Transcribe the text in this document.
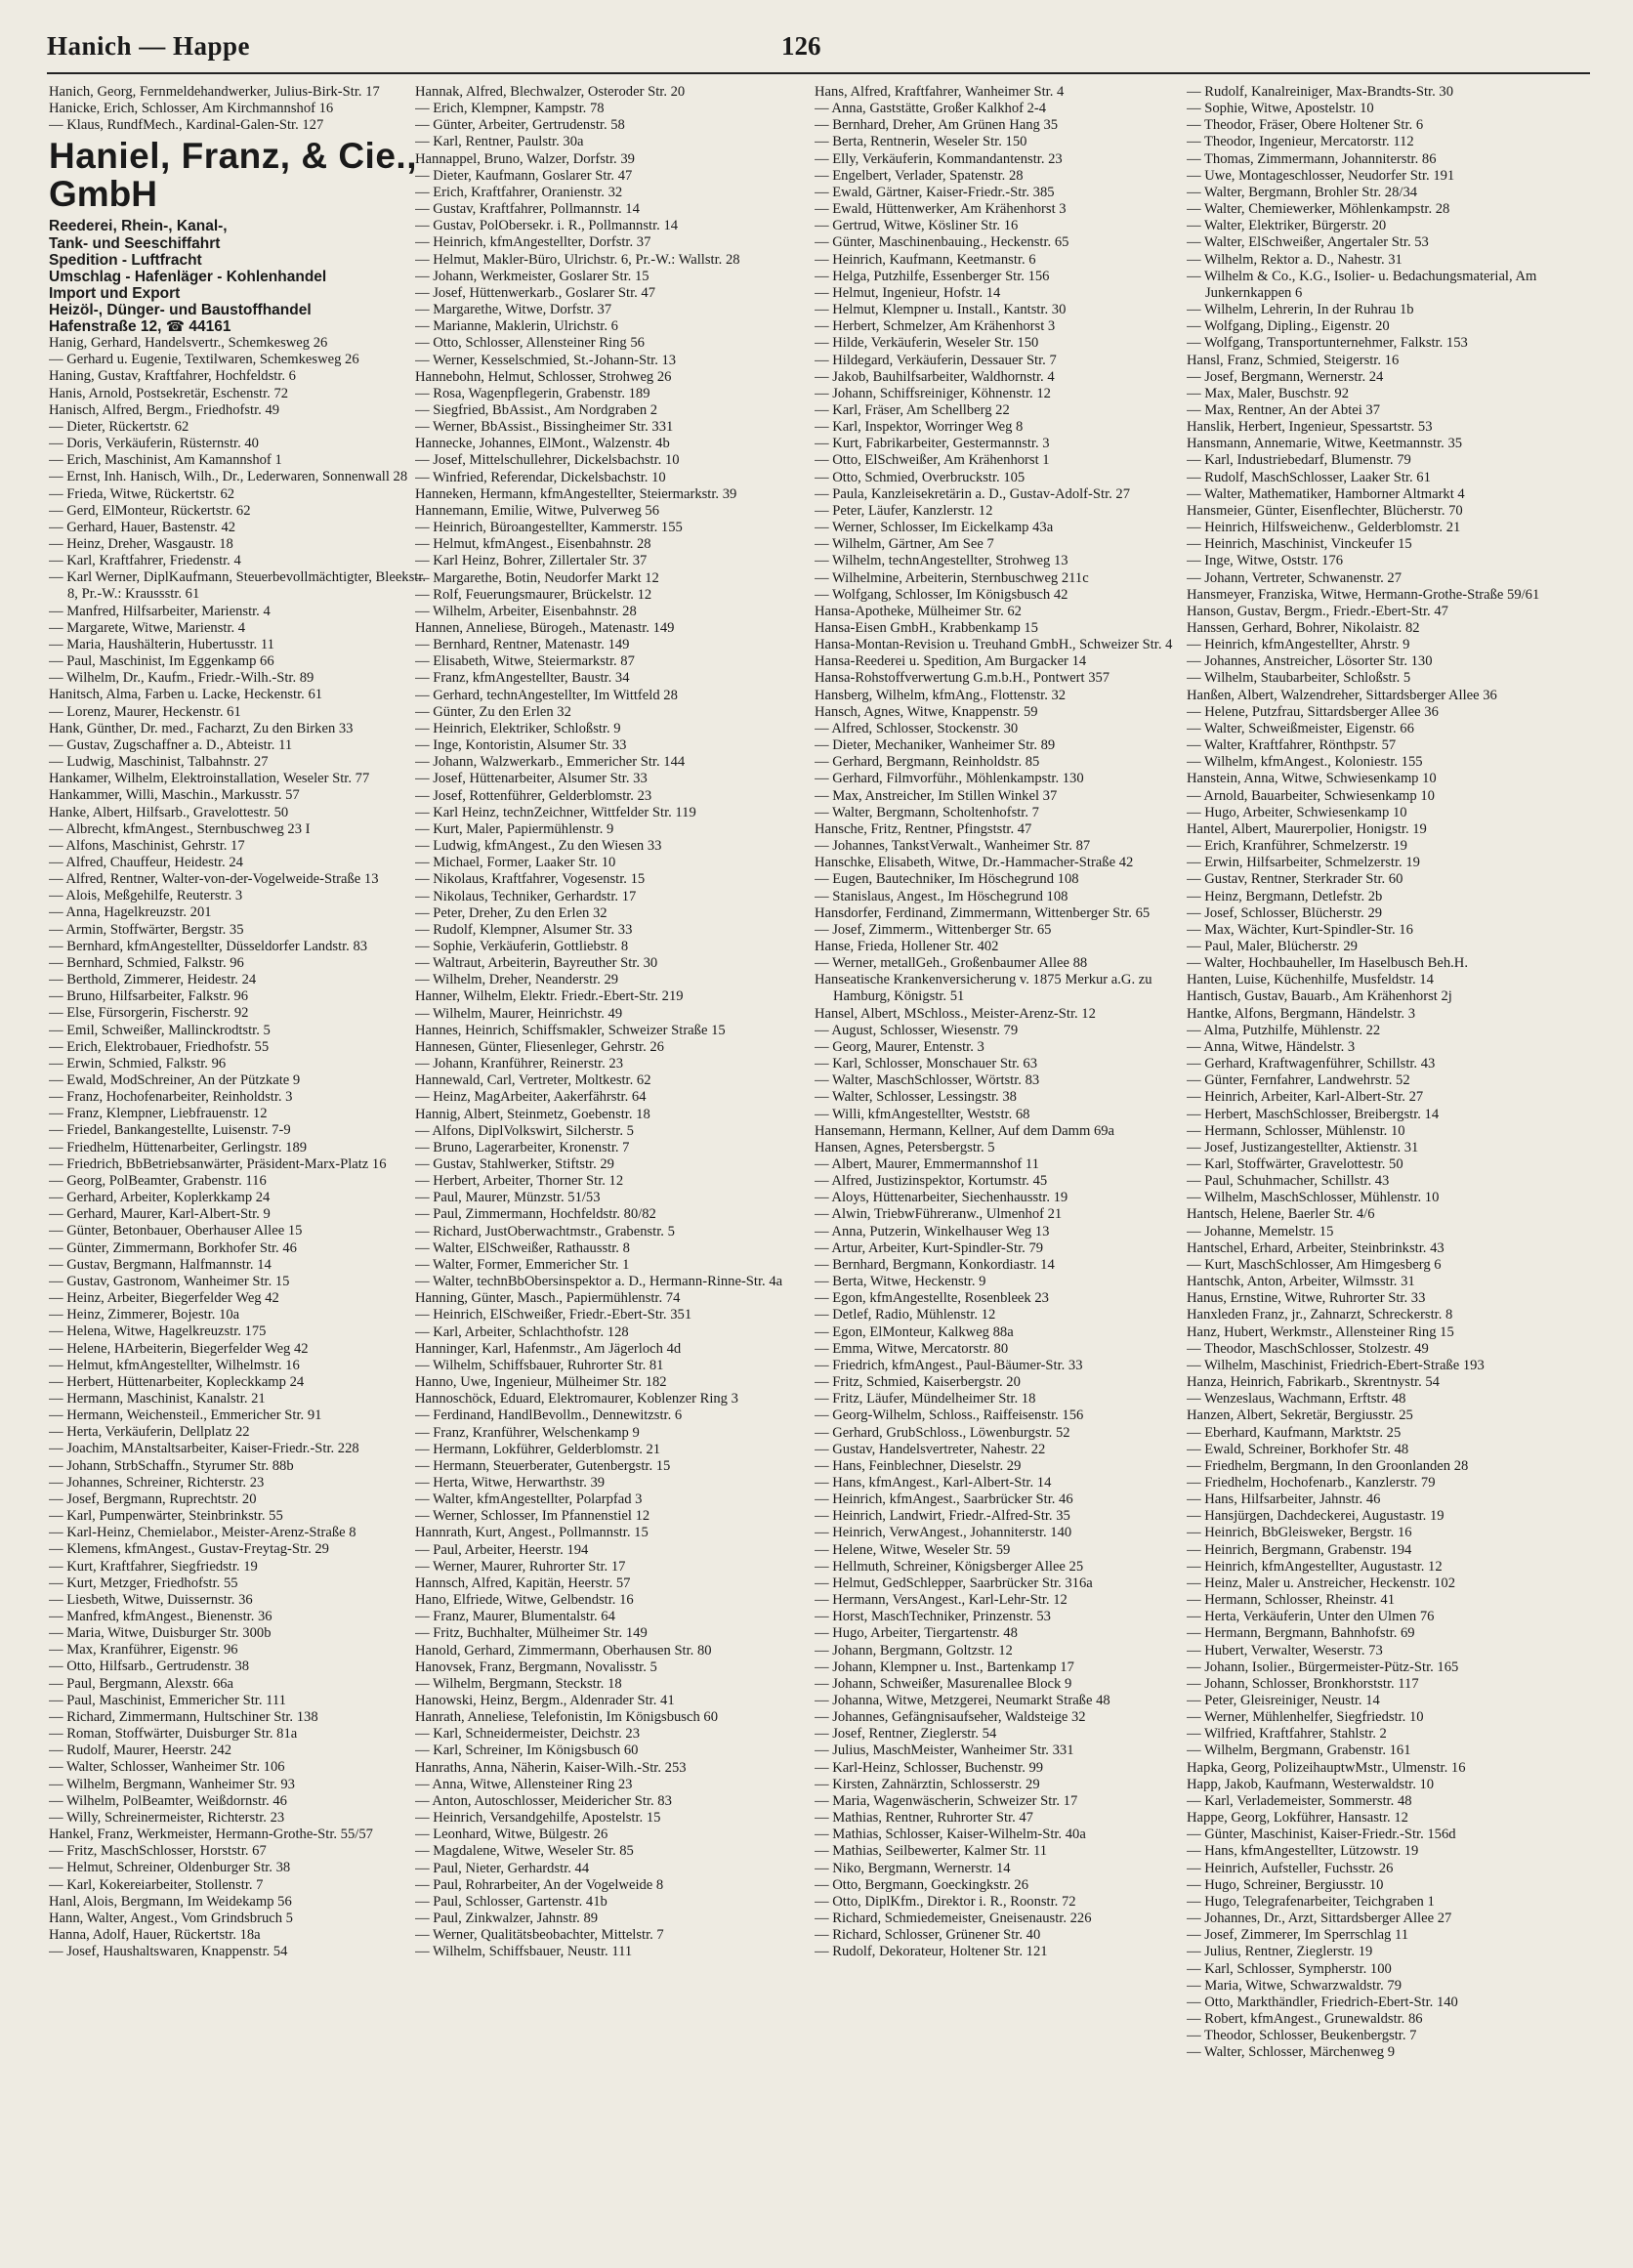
Hanich — Happe	126

Hanich, Georg, Fernmeldehandwerker, Julius-Birk-Str. 17

Hanicke, Erich, Schlosser, Am Kirchmannshof 16

— Klaus, RundfMech., Kardinal-Galen-Str. 127

Haniel, Franz, & Cie.,
GmbH
Reederei, Rhein-, Kanal-,
Tank- und Seeschiffahrt
Spedition - Luftfracht
Umschlag - Hafenläger - Kohlenhandel
Import und Export
Heizöl-, Dünger- und Baustoffhandel
Hafenstraße 12, ☎ 44161

Hanig, Gerhard, Handelsvertr., Schemkesweg 26

— Gerhard u. Eugenie, Textilwaren, Schemkesweg 26

Haning, Gustav, Kraftfahrer, Hochfeldstr. 6

Hanis, Arnold, Postsekretär, Eschenstr. 72

Hanisch, Alfred, Bergm., Friedhofstr. 49

— Dieter, Rückertstr. 62

— Doris, Verkäuferin, Rüsternstr. 40

— Erich, Maschinist, Am Kamannshof 1

— Ernst, Inh. Hanisch, Wilh., Dr., Lederwaren, Sonnenwall 28

— Frieda, Witwe, Rückertstr. 62

— Gerd, ElMonteur, Rückertstr. 62

— Gerhard, Hauer, Bastenstr. 42

— Heinz, Dreher, Wasgaustr. 18

— Karl, Kraftfahrer, Friedenstr. 4

— Karl Werner, DiplKaufmann, Steuerbevollmächtigter, Bleekstr. 8, Pr.-W.: Kraussstr. 61

— Manfred, Hilfsarbeiter, Marienstr. 4

— Margarete, Witwe, Marienstr. 4

— Maria, Haushälterin, Hubertusstr. 11

— Paul, Maschinist, Im Eggenkamp 66

— Wilhelm, Dr., Kaufm., Friedr.-Wilh.-Str. 89

Hanitsch, Alma, Farben u. Lacke, Heckenstr. 61

— Lorenz, Maurer, Heckenstr. 61

Hank, Günther, Dr. med., Facharzt, Zu den Birken 33

— Gustav, Zugschaffner a. D., Abteistr. 11

— Ludwig, Maschinist, Talbahnstr. 27

Hankamer, Wilhelm, Elektroinstallation, Weseler Str. 77

Hankammer, Willi, Maschin., Markusstr. 57

Hanke, Albert, Hilfsarb., Gravelottestr. 50

— Albrecht, kfmAngest., Sternbuschweg 23 I

— Alfons, Maschinist, Gehrstr. 17

— Alfred, Chauffeur, Heidestr. 24

— Alfred, Rentner, Walter-von-der-Vogelweide-Straße 13

— Alois, Meßgehilfe, Reuterstr. 3

— Anna, Hagelkreuzstr. 201

— Armin, Stoffwärter, Bergstr. 35

— Bernhard, kfmAngestellter, Düsseldorfer Landstr. 83

— Bernhard, Schmied, Falkstr. 96

— Berthold, Zimmerer, Heidestr. 24

— Bruno, Hilfsarbeiter, Falkstr. 96

— Else, Fürsorgerin, Fischerstr. 92

— Emil, Schweißer, Mallinckrodtstr. 5

— Erich, Elektrobauer, Friedhofstr. 55

— Erwin, Schmied, Falkstr. 96

— Ewald, ModSchreiner, An der Pützkate 9

— Franz, Hochofenarbeiter, Reinholdstr. 3

— Franz, Klempner, Liebfrauenstr. 12

— Friedel, Bankangestellte, Luisenstr. 7-9

— Friedhelm, Hüttenarbeiter, Gerlingstr. 189

— Friedrich, BbBetriebsanwärter, Präsident-Marx-Platz 16

— Georg, PolBeamter, Grabenstr. 116

— Gerhard, Arbeiter, Koplerkkamp 24

— Gerhard, Maurer, Karl-Albert-Str. 9

— Günter, Betonbauer, Oberhauser Allee 15

— Günter, Zimmermann, Borkhofer Str. 46

— Gustav, Bergmann, Halfmannstr. 14

— Gustav, Gastronom, Wanheimer Str. 15

— Heinz, Arbeiter, Biegerfelder Weg 42

— Heinz, Zimmerer, Bojestr. 10a

— Helena, Witwe, Hagelkreuzstr. 175

— Helene, HArbeiterin, Biegerfelder Weg 42

— Helmut, kfmAngestellter, Wilhelmstr. 16

— Herbert, Hüttenarbeiter, Kopleckkamp 24

— Hermann, Maschinist, Kanalstr. 21

— Hermann, Weichensteil., Emmericher Str. 91

— Herta, Verkäuferin, Dellplatz 22

— Joachim, MAnstaltsarbeiter, Kaiser-Friedr.-Str. 228

— Johann, StrbSchaffn., Styrumer Str. 88b

— Johannes, Schreiner, Richterstr. 23

— Josef, Bergmann, Ruprechtstr. 20

— Karl, Pumpenwärter, Steinbrinkstr. 55

— Karl-Heinz, Chemielabor., Meister-Arenz-Straße 8

— Klemens, kfmAngest., Gustav-Freytag-Str. 29

— Kurt, Kraftfahrer, Siegfriedstr. 19

— Kurt, Metzger, Friedhofstr. 55

— Liesbeth, Witwe, Duissernstr. 36

— Manfred, kfmAngest., Bienenstr. 36

— Maria, Witwe, Duisburger Str. 300b

— Max, Kranführer, Eigenstr. 96

— Otto, Hilfsarb., Gertrudenstr. 38

— Paul, Bergmann, Alexstr. 66a

— Paul, Maschinist, Emmericher Str. 111

— Richard, Zimmermann, Hultschiner Str. 138

— Roman, Stoffwärter, Duisburger Str. 81a

— Rudolf, Maurer, Heerstr. 242

— Walter, Schlosser, Wanheimer Str. 106

— Wilhelm, Bergmann, Wanheimer Str. 93

— Wilhelm, PolBeamter, Weißdornstr. 46

— Willy, Schreinermeister, Richterstr. 23

Hankel, Franz, Werkmeister, Hermann-Grothe-Str. 55/57

— Fritz, MaschSchlosser, Horststr. 67

— Helmut, Schreiner, Oldenburger Str. 38

— Karl, Kokereiarbeiter, Stollenstr. 7

Hanl, Alois, Bergmann, Im Weidekamp 56

Hann, Walter, Angest., Vom Grindsbruch 5

Hanna, Adolf, Hauer, Rückertstr. 18a

— Josef, Haushaltswaren, Knappenstr. 54

Hannak, Alfred, Blechwalzer, Osteroder Str. 20

— Erich, Klempner, Kampstr. 78

— Günter, Arbeiter, Gertrudenstr. 58

— Karl, Rentner, Paulstr. 30a

Hannappel, Bruno, Walzer, Dorfstr. 39

— Dieter, Kaufmann, Goslarer Str. 47

— Erich, Kraftfahrer, Oranienstr. 32

— Gustav, Kraftfahrer, Pollmannstr. 14

— Gustav, PolObersekr. i. R., Pollmannstr. 14

— Heinrich, kfmAngestellter, Dorfstr. 37

— Helmut, Makler-Büro, Ulrichstr. 6, Pr.-W.: Wallstr. 28

— Johann, Werkmeister, Goslarer Str. 15

— Josef, Hüttenwerkarb., Goslarer Str. 47

— Margarethe, Witwe, Dorfstr. 37

— Marianne, Maklerin, Ulrichstr. 6

— Otto, Schlosser, Allensteiner Ring 56

— Werner, Kesselschmied, St.-Johann-Str. 13

Hannebohn, Helmut, Schlosser, Strohweg 26

— Rosa, Wagenpflegerin, Grabenstr. 189

— Siegfried, BbAssist., Am Nordgraben 2

— Werner, BbAssist., Bissingheimer Str. 331

Hannecke, Johannes, ElMont., Walzenstr. 4b

— Josef, Mittelschullehrer, Dickelsbachstr. 10

— Winfried, Referendar, Dickelsbachstr. 10

Hanneken, Hermann, kfmAngestellter, Steiermarkstr. 39

Hannemann, Emilie, Witwe, Pulverweg 56

— Heinrich, Büroangestellter, Kammerstr. 155

— Helmut, kfmAngest., Eisenbahnstr. 28

— Karl Heinz, Bohrer, Zillertaler Str. 37

— Margarethe, Botin, Neudorfer Markt 12

— Rolf, Feuerungsmaurer, Brückelstr. 12

— Wilhelm, Arbeiter, Eisenbahnstr. 28

Hannen, Anneliese, Bürogeh., Matenastr. 149

— Bernhard, Rentner, Matenastr. 149

— Elisabeth, Witwe, Steiermarkstr. 87

— Franz, kfmAngestellter, Baustr. 34

— Gerhard, technAngestellter, Im Wittfeld 28

— Günter, Zu den Erlen 32

— Heinrich, Elektriker, Schloßstr. 9

— Inge, Kontoristin, Alsumer Str. 33

— Johann, Walzwerkarb., Emmericher Str. 144

— Josef, Hüttenarbeiter, Alsumer Str. 33

— Josef, Rottenführer, Gelderblomstr. 23

— Karl Heinz, technZeichner, Wittfelder Str. 119

— Kurt, Maler, Papiermühlenstr. 9

— Ludwig, kfmAngest., Zu den Wiesen 33

— Michael, Former, Laaker Str. 10

— Nikolaus, Kraftfahrer, Vogesenstr. 15

— Nikolaus, Techniker, Gerhardstr. 17

— Peter, Dreher, Zu den Erlen 32

— Rudolf, Klempner, Alsumer Str. 33

— Sophie, Verkäuferin, Gottliebstr. 8

— Waltraut, Arbeiterin, Bayreuther Str. 30

— Wilhelm, Dreher, Neanderstr. 29

Hanner, Wilhelm, Elektr. Friedr.-Ebert-Str. 219

— Wilhelm, Maurer, Heinrichstr. 49

Hannes, Heinrich, Schiffsmakler, Schweizer Straße 15

Hannesen, Günter, Fliesenleger, Gehrstr. 26

— Johann, Kranführer, Reinerstr. 23

Hannewald, Carl, Vertreter, Moltkestr. 62

— Heinz, MagArbeiter, Aakerfährstr. 64

Hannig, Albert, Steinmetz, Goebenstr. 18

— Alfons, DiplVolkswirt, Silcherstr. 5

— Bruno, Lagerarbeiter, Kronenstr. 7

— Gustav, Stahlwerker, Stiftstr. 29

— Herbert, Arbeiter, Thorner Str. 12

— Paul, Maurer, Münzstr. 51/53

— Paul, Zimmermann, Hochfeldstr. 80/82

— Richard, JustOberwachtmstr., Grabenstr. 5

— Walter, ElSchweißer, Rathausstr. 8

— Walter, Former, Emmericher Str. 1

— Walter, technBbObersinspektor a. D., Hermann-Rinne-Str. 4a

Hanning, Günter, Masch., Papiermühlenstr. 74

— Heinrich, ElSchweißer, Friedr.-Ebert-Str. 351

— Karl, Arbeiter, Schlachthofstr. 128

Hanninger, Karl, Hafenmstr., Am Jägerloch 4d

— Wilhelm, Schiffsbauer, Ruhrorter Str. 81

Hanno, Uwe, Ingenieur, Mülheimer Str. 182

Hannoschöck, Eduard, Elektromaurer, Koblenzer Ring 3

— Ferdinand, HandlBevollm., Dennewitzstr. 6

— Franz, Kranführer, Welschenkamp 9

— Hermann, Lokführer, Gelderblomstr. 21

— Hermann, Steuerberater, Gutenbergstr. 15

— Herta, Witwe, Herwarthstr. 39

— Walter, kfmAngestellter, Polarpfad 3

— Werner, Schlosser, Im Pfannenstiel 12

Hannrath, Kurt, Angest., Pollmannstr. 15

— Paul, Arbeiter, Heerstr. 194

— Werner, Maurer, Ruhrorter Str. 17

Hannsch, Alfred, Kapitän, Heerstr. 57

Hano, Elfriede, Witwe, Gelbendstr. 16

— Franz, Maurer, Blumentalstr. 64

— Fritz, Buchhalter, Mülheimer Str. 149

Hanold, Gerhard, Zimmermann, Oberhausen Str. 80

Hanovsek, Franz, Bergmann, Novalisstr. 5

— Wilhelm, Bergmann, Steckstr. 18

Hanowski, Heinz, Bergm., Aldenrader Str. 41

Hanrath, Anneliese, Telefonistin, Im Königsbusch 60

— Karl, Schneidermeister, Deichstr. 23

— Karl, Schreiner, Im Königsbusch 60

Hanraths, Anna, Näherin, Kaiser-Wilh.-Str. 253

— Anna, Witwe, Allensteiner Ring 23

— Anton, Autoschlosser, Meidericher Str. 83

— Heinrich, Versandgehilfe, Apostelstr. 15

— Leonhard, Witwe, Bülgestr. 26

— Magdalene, Witwe, Weseler Str. 85

— Paul, Nieter, Gerhardstr. 44

— Paul, Rohrarbeiter, An der Vogelweide 8

— Paul, Schlosser, Gartenstr. 41b

— Paul, Zinkwalzer, Jahnstr. 89

— Werner, Qualitätsbeobachter, Mittelstr. 7

— Wilhelm, Schiffsbauer, Neustr. 111

Hans, Alfred, Kraftfahrer, Wanheimer Str. 4

— Anna, Gaststätte, Großer Kalkhof 2-4

— Bernhard, Dreher, Am Grünen Hang 35

— Berta, Rentnerin, Weseler Str. 150

— Elly, Verkäuferin, Kommandantenstr. 23

— Engelbert, Verlader, Spatenstr. 28

— Ewald, Gärtner, Kaiser-Friedr.-Str. 385

— Ewald, Hüttenwerker, Am Krähenhorst 3

— Gertrud, Witwe, Kösliner Str. 16

— Günter, Maschinenbauing., Heckenstr. 65

— Heinrich, Kaufmann, Keetmanstr. 6

— Helga, Putzhilfe, Essenberger Str. 156

— Helmut, Ingenieur, Hofstr. 14

— Helmut, Klempner u. Install., Kantstr. 30

— Herbert, Schmelzer, Am Krähenhorst 3

— Hilde, Verkäuferin, Weseler Str. 150

— Hildegard, Verkäuferin, Dessauer Str. 7

— Jakob, Bauhilfsarbeiter, Waldhornstr. 4

— Johann, Schiffsreiniger, Köhnenstr. 12

— Karl, Fräser, Am Schellberg 22

— Karl, Inspektor, Worringer Weg 8

— Kurt, Fabrikarbeiter, Gestermannstr. 3

— Otto, ElSchweißer, Am Krähenhorst 1

— Otto, Schmied, Overbruckstr. 105

— Paula, Kanzleisekretärin a. D., Gustav-Adolf-Str. 27

— Peter, Läufer, Kanzlerstr. 12

— Werner, Schlosser, Im Eickelkamp 43a

— Wilhelm, Gärtner, Am See 7

— Wilhelm, technAngestellter, Strohweg 13

— Wilhelmine, Arbeiterin, Sternbuschweg 211c

— Wolfgang, Schlosser, Im Königsbusch 42

Hansa-Apotheke, Mülheimer Str. 62

Hansa-Eisen GmbH., Krabbenkamp 15

Hansa-Montan-Revision u. Treuhand GmbH., Schweizer Str. 4

Hansa-Reederei u. Spedition, Am Burgacker 14

Hansa-Rohstoffverwertung G.m.b.H., Pontwert 357

Hansberg, Wilhelm, kfmAng., Flottenstr. 32

Hansch, Agnes, Witwe, Knappenstr. 59

— Alfred, Schlosser, Stockenstr. 30

— Dieter, Mechaniker, Wanheimer Str. 89

— Gerhard, Bergmann, Reinholdstr. 85

— Gerhard, Filmvorführ., Möhlenkampstr. 130

— Max, Anstreicher, Im Stillen Winkel 37

— Walter, Bergmann, Scholtenhofstr. 7

Hansche, Fritz, Rentner, Pfingststr. 47

— Johannes, TankstVerwalt., Wanheimer Str. 87

Hanschke, Elisabeth, Witwe, Dr.-Hammacher-Straße 42

— Eugen, Bautechniker, Im Höschegrund 108

— Stanislaus, Angest., Im Höschegrund 108

Hansdorfer, Ferdinand, Zimmermann, Wittenberger Str. 65

— Josef, Zimmerm., Wittenberger Str. 65

Hanse, Frieda, Hollener Str. 402

— Werner, metallGeh., Großenbaumer Allee 88

Hanseatische Krankenversicherung v. 1875 Merkur a.G. zu Hamburg, Königstr. 51

Hansel, Albert, MSchloss., Meister-Arenz-Str. 12

— August, Schlosser, Wiesenstr. 79

— Georg, Maurer, Entenstr. 3

— Karl, Schlosser, Monschauer Str. 63

— Walter, MaschSchlosser, Wörtstr. 83

— Walter, Schlosser, Lessingstr. 38

— Willi, kfmAngestellter, Weststr. 68

Hansemann, Hermann, Kellner, Auf dem Damm 69a

Hansen, Agnes, Petersbergstr. 5

— Albert, Maurer, Emmermannshof 11

— Alfred, Justizinspektor, Kortumstr. 45

— Aloys, Hüttenarbeiter, Siechenhausstr. 19

— Alwin, TriebwFühreranw., Ulmenhof 21

— Anna, Putzerin, Winkelhauser Weg 13

— Artur, Arbeiter, Kurt-Spindler-Str. 79

— Bernhard, Bergmann, Konkordiastr. 14

— Berta, Witwe, Heckenstr. 9

— Egon, kfmAngestellte, Rosenbleek 23

— Detlef, Radio, Mühlenstr. 12

— Egon, ElMonteur, Kalkweg 88a

— Emma, Witwe, Mercatorstr. 80

— Friedrich, kfmAngest., Paul-Bäumer-Str. 33

— Fritz, Schmied, Kaiserbergstr. 20

— Fritz, Läufer, Mündelheimer Str. 18

— Georg-Wilhelm, Schloss., Raiffeisenstr. 156

— Gerhard, GrubSchloss., Löwenburgstr. 52

— Gustav, Handelsvertreter, Nahestr. 22

— Hans, Feinblechner, Dieselstr. 29

— Hans, kfmAngest., Karl-Albert-Str. 14

— Heinrich, kfmAngest., Saarbrücker Str. 46

— Heinrich, Landwirt, Friedr.-Alfred-Str. 35

— Heinrich, VerwAngest., Johanniterstr. 140

— Helene, Witwe, Weseler Str. 59

— Hellmuth, Schreiner, Königsberger Allee 25

— Helmut, GedSchlepper, Saarbrücker Str. 316a

— Hermann, VersAngest., Karl-Lehr-Str. 12

— Horst, MaschTechniker, Prinzenstr. 53

— Hugo, Arbeiter, Tiergartenstr. 48

— Johann, Bergmann, Goltzstr. 12

— Johann, Klempner u. Inst., Bartenkamp 17

— Johann, Schweißer, Masurenallee Block 9

— Johanna, Witwe, Metzgerei, Neumarkt Straße 48

— Johannes, Gefängnisaufseher, Waldsteige 32

— Josef, Rentner, Zieglerstr. 54

— Julius, MaschMeister, Wanheimer Str. 331

— Karl-Heinz, Schlosser, Buchenstr. 99

— Kirsten, Zahnärztin, Schlosserstr. 29

— Maria, Wagenwäscherin, Schweizer Str. 17

— Mathias, Rentner, Ruhrorter Str. 47

— Mathias, Schlosser, Kaiser-Wilhelm-Str. 40a

— Mathias, Seilbewerter, Kalmer Str. 11

— Niko, Bergmann, Wernerstr. 14

— Otto, Bergmann, Goeckingkstr. 26

— Otto, DiplKfm., Direktor i. R., Roonstr. 72

— Richard, Schmiedemeister, Gneisenaustr. 226

— Richard, Schlosser, Grünener Str. 40

— Rudolf, Dekorateur, Holtener Str. 121

— Rudolf, Kanalreiniger, Max-Brandts-Str. 30

— Sophie, Witwe, Apostelstr. 10

— Theodor, Fräser, Obere Holtener Str. 6

— Theodor, Ingenieur, Mercatorstr. 112

— Thomas, Zimmermann, Johanniterstr. 86

— Uwe, Montageschlosser, Neudorfer Str. 191

— Walter, Bergmann, Brohler Str. 28/34

— Walter, Chemiewerker, Möhlenkampstr. 28

— Walter, Elektriker, Bürgerstr. 20

— Walter, ElSchweißer, Angertaler Str. 53

— Wilhelm, Rektor a. D., Nahestr. 31

— Wilhelm & Co., K.G., Isolier- u. Bedachungsmaterial, Am Junkernkappen 6

— Wilhelm, Lehrerin, In der Ruhrau 1b

— Wolfgang, Dipling., Eigenstr. 20

— Wolfgang, Transportunternehmer, Falkstr. 153

Hansl, Franz, Schmied, Steigerstr. 16

— Josef, Bergmann, Wernerstr. 24

— Max, Maler, Buschstr. 92

— Max, Rentner, An der Abtei 37

Hanslik, Herbert, Ingenieur, Spessartstr. 53

Hansmann, Annemarie, Witwe, Keetmannstr. 35

— Karl, Industriebedarf, Blumenstr. 79

— Rudolf, MaschSchlosser, Laaker Str. 61

— Walter, Mathematiker, Hamborner Altmarkt 4

Hansmeier, Günter, Eisenflechter, Blücherstr. 70

— Heinrich, Hilfsweichenw., Gelderblomstr. 21

— Heinrich, Maschinist, Vinckeufer 15

— Inge, Witwe, Oststr. 176

— Johann, Vertreter, Schwanenstr. 27

Hansmeyer, Franziska, Witwe, Hermann-Grothe-Straße 59/61

Hanson, Gustav, Bergm., Friedr.-Ebert-Str. 47

Hanssen, Gerhard, Bohrer, Nikolaistr. 82

— Heinrich, kfmAngestellter, Ahrstr. 9

— Johannes, Anstreicher, Lösorter Str. 130

— Wilhelm, Staubarbeiter, Schloßstr. 5

Hanßen, Albert, Walzendreher, Sittardsberger Allee 36

— Helene, Putzfrau, Sittardsberger Allee 36

— Walter, Schweißmeister, Eigenstr. 66

— Walter, Kraftfahrer, Rönthpstr. 57

— Wilhelm, kfmAngest., Koloniestr. 155

Hanstein, Anna, Witwe, Schwiesenkamp 10

— Arnold, Bauarbeiter, Schwiesenkamp 10

— Hugo, Arbeiter, Schwiesenkamp 10

Hantel, Albert, Maurerpolier, Honigstr. 19

— Erich, Kranführer, Schmelzerstr. 19

— Erwin, Hilfsarbeiter, Schmelzerstr. 19

— Gustav, Rentner, Sterkrader Str. 60

— Heinz, Bergmann, Detlefstr. 2b

— Josef, Schlosser, Blücherstr. 29

— Max, Wächter, Kurt-Spindler-Str. 16

— Paul, Maler, Blücherstr. 29

— Walter, Hochbauheller, Im Haselbusch Beh.H.

Hanten, Luise, Küchenhilfe, Musfeldstr. 14

Hantisch, Gustav, Bauarb., Am Krähenhorst 2j

Hantke, Alfons, Bergmann, Händelstr. 3

— Alma, Putzhilfe, Mühlenstr. 22

— Anna, Witwe, Händelstr. 3

— Gerhard, Kraftwagenführer, Schillstr. 43

— Günter, Fernfahrer, Landwehrstr. 52

— Heinrich, Arbeiter, Karl-Albert-Str. 27

— Herbert, MaschSchlosser, Breibergstr. 14

— Hermann, Schlosser, Mühlenstr. 10

— Josef, Justizangestellter, Aktienstr. 31

— Karl, Stoffwärter, Gravelottestr. 50

— Paul, Schuhmacher, Schillstr. 43

— Wilhelm, MaschSchlosser, Mühlenstr. 10

Hantsch, Helene, Baerler Str. 4/6

— Johanne, Memelstr. 15

Hantschel, Erhard, Arbeiter, Steinbrinkstr. 43

— Kurt, MaschSchlosser, Am Himgesberg 6

Hantschk, Anton, Arbeiter, Wilmsstr. 31

Hanus, Ernstine, Witwe, Ruhrorter Str. 33

Hanxleden Franz, jr., Zahnarzt, Schreckerstr. 8

Hanz, Hubert, Werkmstr., Allensteiner Ring 15

— Theodor, MaschSchlosser, Stolzestr. 49

— Wilhelm, Maschinist, Friedrich-Ebert-Straße 193

Hanza, Heinrich, Fabrikarb., Skrentnystr. 54

— Wenzeslaus, Wachmann, Erftstr. 48

Hanzen, Albert, Sekretär, Bergiusstr. 25

— Eberhard, Kaufmann, Marktstr. 25

— Ewald, Schreiner, Borkhofer Str. 48

— Friedhelm, Bergmann, In den Groonlanden 28

— Friedhelm, Hochofenarb., Kanzlerstr. 79

— Hans, Hilfsarbeiter, Jahnstr. 46

— Hansjürgen, Dachdeckerei, Augustastr. 19

— Heinrich, BbGleisweker, Bergstr. 16

— Heinrich, Bergmann, Grabenstr. 194

— Heinrich, kfmAngestellter, Augustastr. 12

— Heinz, Maler u. Anstreicher, Heckenstr. 102

— Hermann, Schlosser, Rheinstr. 41

— Herta, Verkäuferin, Unter den Ulmen 76

— Hermann, Bergmann, Bahnhofstr. 69

— Hubert, Verwalter, Weserstr. 73

— Johann, Isolier., Bürgermeister-Pütz-Str. 165

— Johann, Schlosser, Bronkhorststr. 117

— Peter, Gleisreiniger, Neustr. 14

— Werner, Mühlenhelfer, Siegfriedstr. 10

— Wilfried, Kraftfahrer, Stahlstr. 2

— Wilhelm, Bergmann, Grabenstr. 161

Hapka, Georg, PolizeihauptwMstr., Ulmenstr. 16

Happ, Jakob, Kaufmann, Westerwaldstr. 10

— Karl, Verlademeister, Sommerstr. 48

Happe, Georg, Lokführer, Hansastr. 12

— Günter, Maschinist, Kaiser-Friedr.-Str. 156d

— Hans, kfmAngestellter, Lützowstr. 19

— Heinrich, Aufsteller, Fuchsstr. 26

— Hugo, Schreiner, Bergiusstr. 10

— Hugo, Telegrafenarbeiter, Teichgraben 1

— Johannes, Dr., Arzt, Sittardsberger Allee 27

— Josef, Zimmerer, Im Sperrschlag 11

— Julius, Rentner, Zieglerstr. 19

— Karl, Schlosser, Sympherstr. 100

— Maria, Witwe, Schwarzwaldstr. 79

— Otto, Markthändler, Friedrich-Ebert-Str. 140

— Robert, kfmAngest., Grunewaldstr. 86

— Theodor, Schlosser, Beukenbergstr. 7

— Walter, Schlosser, Märchenweg 9
